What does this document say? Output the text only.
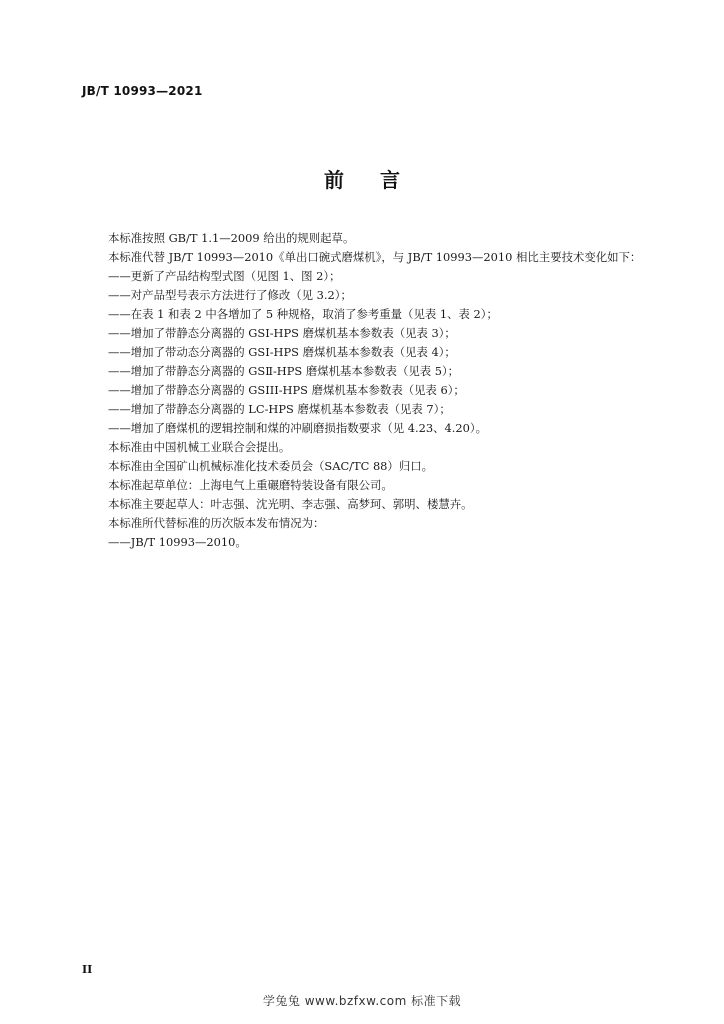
JB/T 10993—2021
前 言
本标准按照 GB/T 1.1—2009 给出的规则起草。
本标准代替 JB/T 10993—2010《单出口碗式磨煤机》，与 JB/T 10993—2010 相比主要技术变化如下：
——更新了产品结构型式图（见图 1、图 2）；
——对产品型号表示方法进行了修改（见 3.2）；
——在表 1 和表 2 中各增加了 5 种规格，取消了参考重量（见表 1、表 2）；
——增加了带静态分离器的 GSⅠ-HPS 磨煤机基本参数表（见表 3）；
——增加了带动态分离器的 GSⅠ-HPS 磨煤机基本参数表（见表 4）；
——增加了带静态分离器的 GSⅡ-HPS 磨煤机基本参数表（见表 5）；
——增加了带静态分离器的 GSIII-HPS 磨煤机基本参数表（见表 6）；
——增加了带静态分离器的 LC-HPS 磨煤机基本参数表（见表 7）；
——增加了磨煤机的逻辑控制和煤的冲刷磨损指数要求（见 4.23、4.20）。
本标准由中国机械工业联合会提出。
本标准由全国矿山机械标准化技术委员会（SAC/TC 88）归口。
本标准起草单位：上海电气上重碾磨特装设备有限公司。
本标准主要起草人：叶志强、沈光明、李志强、高梦珂、郭明、楼慧卉。
本标准所代替标准的历次版本发布情况为：
——JB/T 10993—2010。
II
学兔兔 www.bzfxw.com 标准下载
